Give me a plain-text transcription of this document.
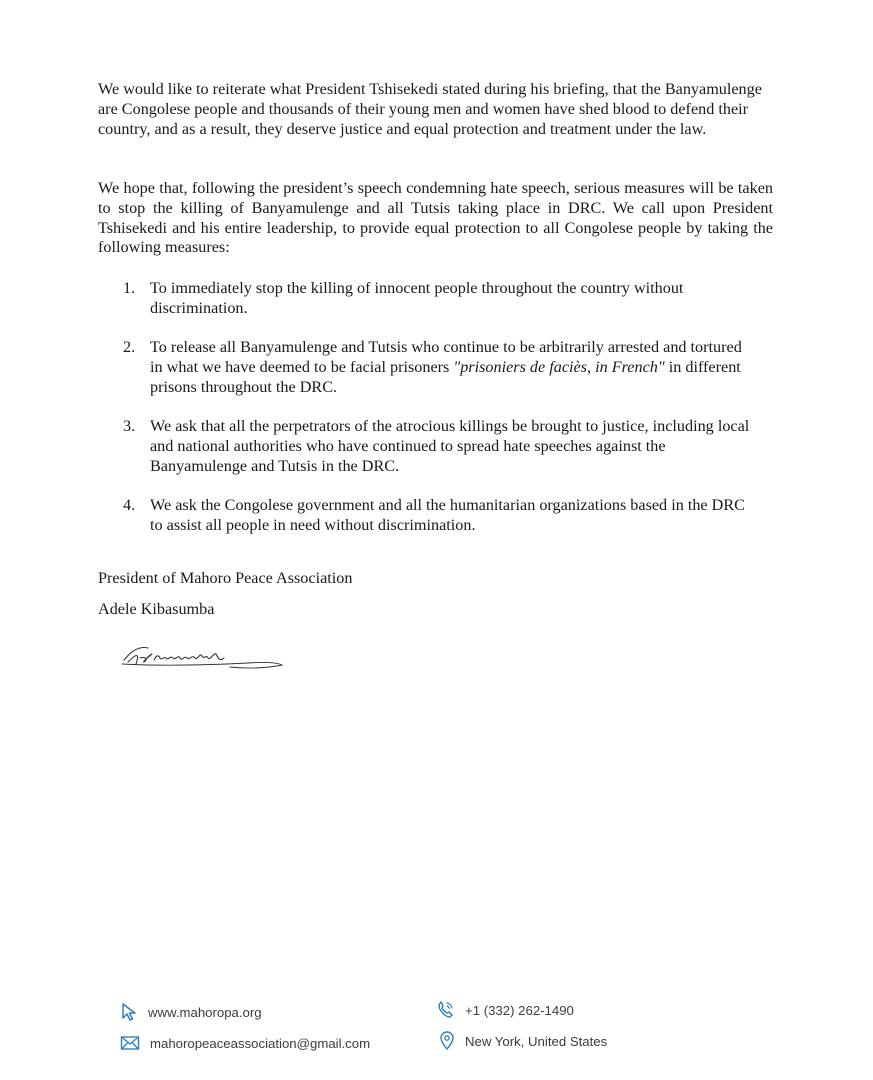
We would like to reiterate what President Tshisekedi stated during his briefing, that the Banyamulenge are Congolese people and thousands of their young men and women have shed blood to defend their country, and as a result, they deserve justice and equal protection and treatment under the law.

We hope that, following the president’s speech condemning hate speech, serious measures will be taken to stop the killing of Banyamulenge and all Tutsis taking place in DRC. We call upon President Tshisekedi and his entire leadership, to provide equal protection to all Congolese people by taking the following measures:

1. To immediately stop the killing of innocent people throughout the country without discrimination.
2. To release all Banyamulenge and Tutsis who continue to be arbitrarily arrested and tortured in what we have deemed to be facial prisoners "prisoniers de faciès, in French" in different prisons throughout the DRC.
3. We ask that all the perpetrators of the atrocious killings be brought to justice, including local and national authorities who have continued to spread hate speeches against the Banyamulenge and Tutsis in the DRC.
4. We ask the Congolese government and all the humanitarian organizations based in the DRC to assist all people in need without discrimination.
President of Mahoro Peace Association
Adele Kibasumba
www.mahoropa.org
mahoropeaceassociation@gmail.com
+1 (332) 262-1490
New York, United States
